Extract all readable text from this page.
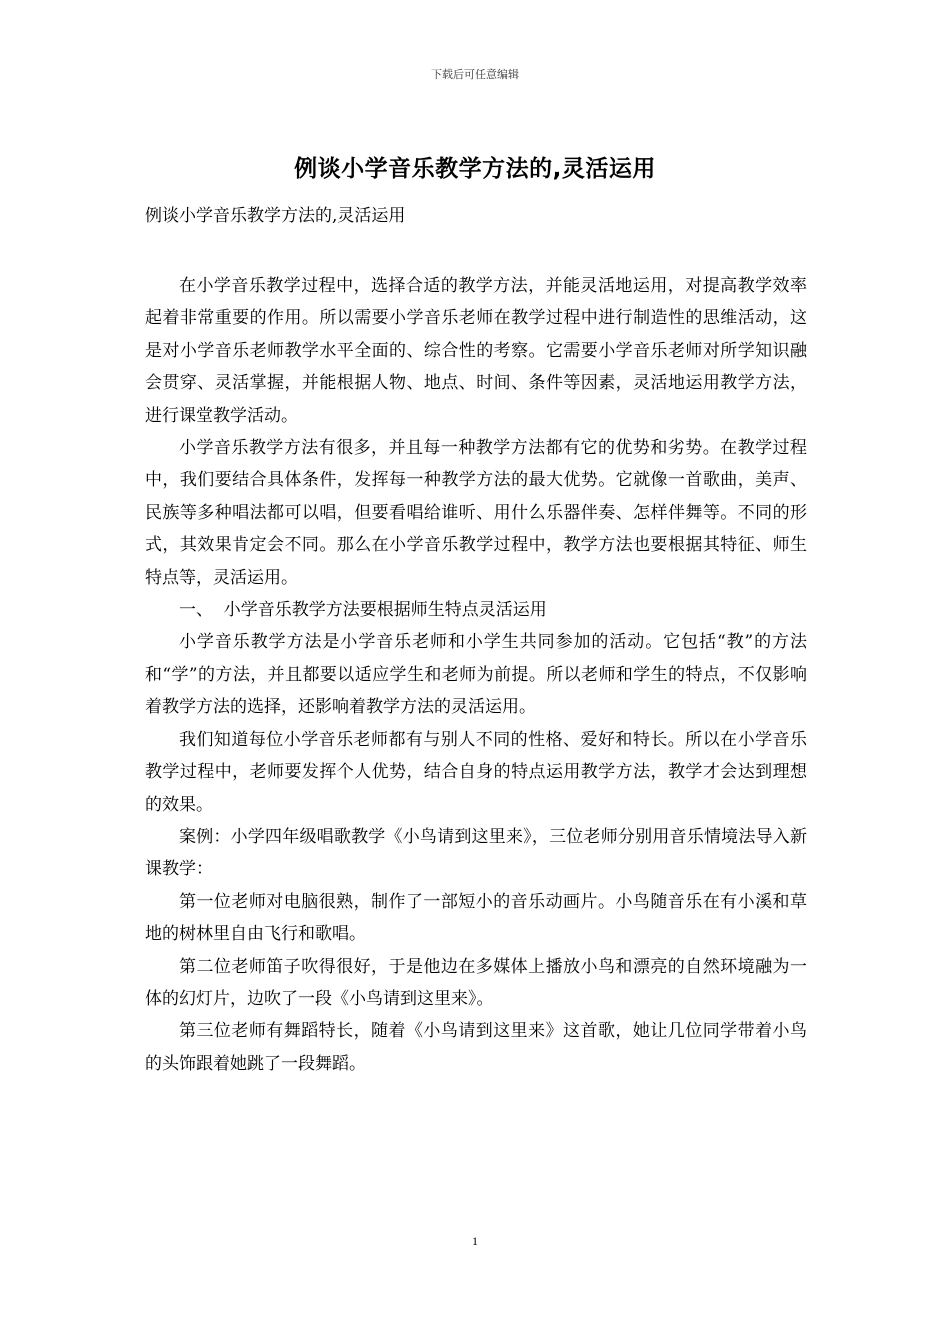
下载后可任意编辑
例谈小学音乐教学方法的,灵活运用

例谈小学音乐教学方法的,灵活运用

在小学音乐教学过程中，选择合适的教学方法，并能灵活地运用，对提高教学效率起着非常重要的作用。所以需要小学音乐老师在教学过程中进行制造性的思维活动，这是对小学音乐老师教学水平全面的、综合性的考察。它需要小学音乐老师对所学知识融会贯穿、灵活掌握，并能根据人物、地点、时间、条件等因素，灵活地运用教学方法，进行课堂教学活动。

小学音乐教学方法有很多，并且每一种教学方法都有它的优势和劣势。在教学过程中，我们要结合具体条件，发挥每一种教学方法的最大优势。它就像一首歌曲，美声、民族等多种唱法都可以唱，但要看唱给谁听、用什么乐器伴奏、怎样伴舞等。不同的形式，其效果肯定会不同。那么在小学音乐教学过程中，教学方法也要根据其特征、师生特点等，灵活运用。

一、  小学音乐教学方法要根据师生特点灵活运用

小学音乐教学方法是小学音乐老师和小学生共同参加的活动。它包括“教”的方法和“学”的方法，并且都要以适应学生和老师为前提。所以老师和学生的特点，不仅影响着教学方法的选择，还影响着教学方法的灵活运用。

我们知道每位小学音乐老师都有与别人不同的性格、爱好和特长。所以在小学音乐教学过程中，老师要发挥个人优势，结合自身的特点运用教学方法，教学才会达到理想的效果。

案例：小学四年级唱歌教学《小鸟请到这里来》，三位老师分别用音乐情境法导入新课教学：

第一位老师对电脑很熟，制作了一部短小的音乐动画片。小鸟随音乐在有小溪和草地的树林里自由飞行和歌唱。

第二位老师笛子吹得很好，于是他边在多媒体上播放小鸟和漂亮的自然环境融为一体的幻灯片，边吹了一段《小鸟请到这里来》。

第三位老师有舞蹈特长，随着《小鸟请到这里来》这首歌，她让几位同学带着小鸟的头饰跟着她跳了一段舞蹈。

1
